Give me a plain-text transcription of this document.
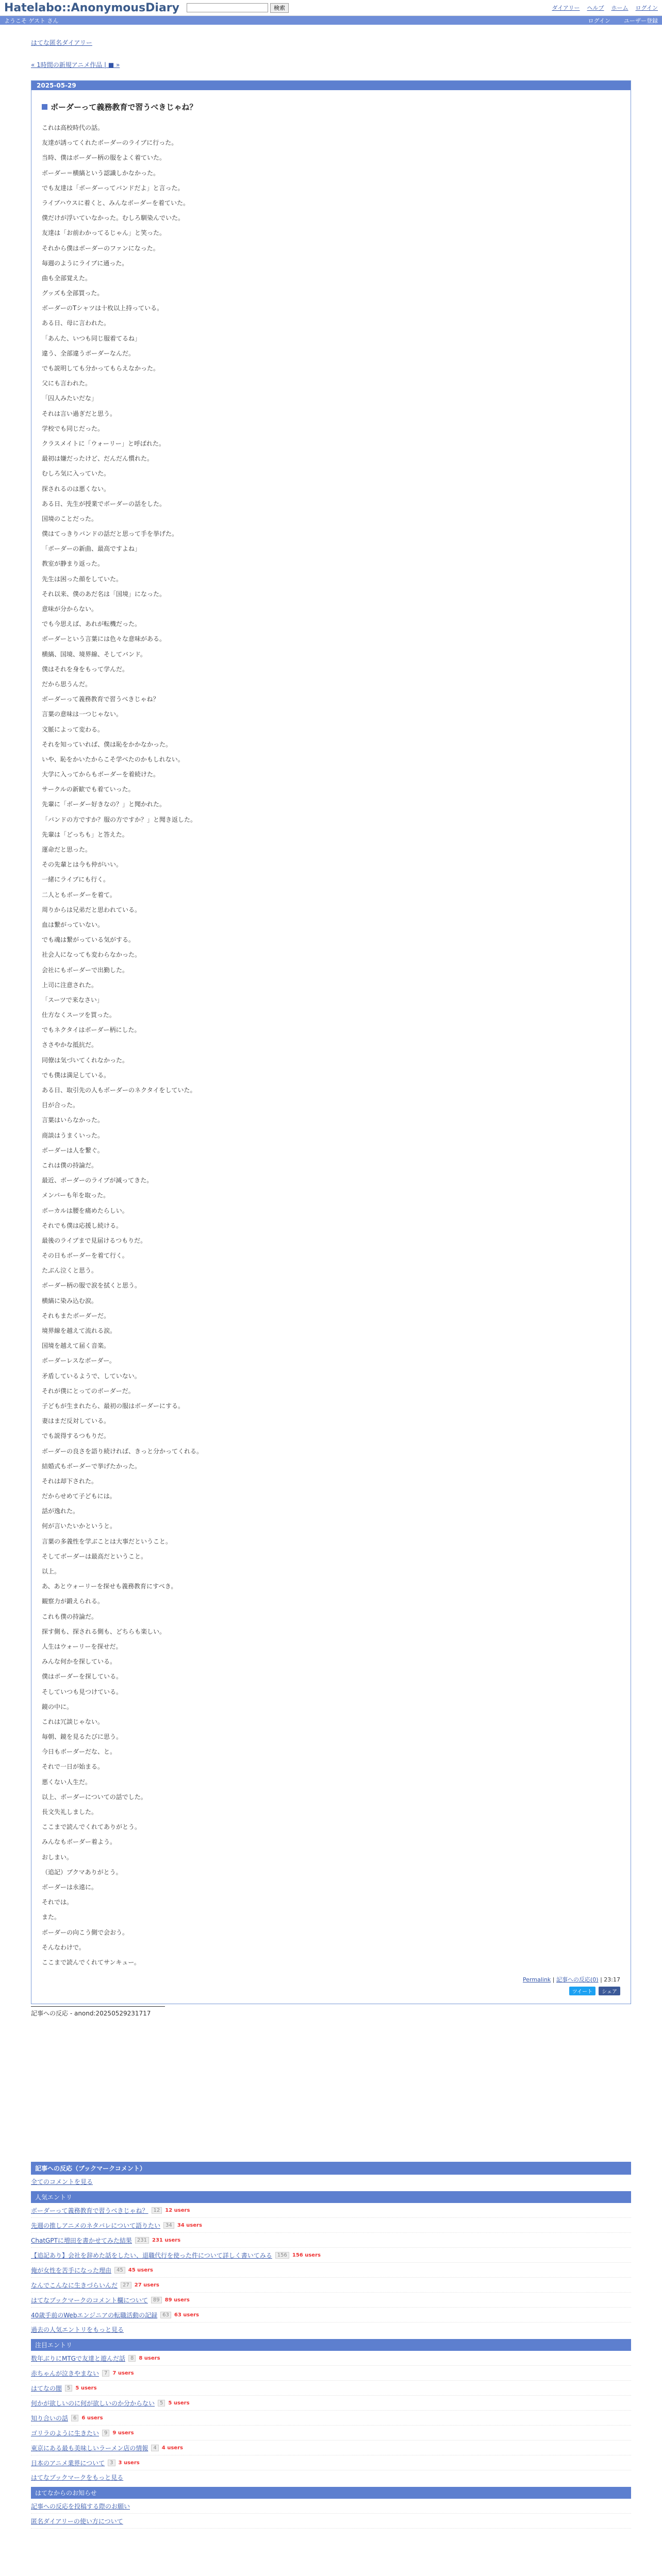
Hatelabo::AnonymousDiary	検索	ダイアリー ヘルプ ホーム ログイン
ようこそ ゲスト さん	ログイン ユーザー登録
はてな匿名ダイアリー
« 1時間の新規アニメ作品 | ■ »
2025-05-29
ボーダーって義務教育で習うべきじゃね？
これは高校時代の話。
友達が誘ってくれたボーダーのライブに行った。
当時、僕はボーダー柄の服をよく着ていた。
ボーダー＝横縞という認識しかなかった。
でも友達は「ボーダーってバンドだよ」と言った。
ライブハウスに着くと、みんなボーダーを着ていた。
僕だけが浮いていなかった。むしろ馴染んでいた。
友達は「お前わかってるじゃん」と笑った。
それから僕はボーダーのファンになった。
毎週のようにライブに通った。
曲も全部覚えた。
グッズも全部買った。
ボーダーのTシャツは十枚以上持っている。
ある日、母に言われた。
「あんた、いつも同じ服着てるね」
違う、全部違うボーダーなんだ。
でも説明しても分かってもらえなかった。
父にも言われた。
「囚人みたいだな」
それは言い過ぎだと思う。
学校でも同じだった。
クラスメイトに「ウォーリー」と呼ばれた。
最初は嫌だったけど、だんだん慣れた。
むしろ気に入っていた。
探されるのは悪くない。
ある日、先生が授業でボーダーの話をした。
国境のことだった。
僕はてっきりバンドの話だと思って手を挙げた。
「ボーダーの新曲、最高ですよね」
教室が静まり返った。
先生は困った顔をしていた。
それ以来、僕のあだ名は「国境」になった。
意味が分からない。
でも今思えば、あれが転機だった。
ボーダーという言葉には色々な意味がある。
横縞、国境、境界線、そしてバンド。
僕はそれを身をもって学んだ。
だから思うんだ。
ボーダーって義務教育で習うべきじゃね？
言葉の意味は一つじゃない。
文脈によって変わる。
それを知っていれば、僕は恥をかかなかった。
いや、恥をかいたからこそ学べたのかもしれない。
大学に入ってからもボーダーを着続けた。
サークルの新歓でも着ていった。
先輩に「ボーダー好きなの？」と聞かれた。
「バンドの方ですか？服の方ですか？」と聞き返した。
先輩は「どっちも」と答えた。
運命だと思った。
その先輩とは今も仲がいい。
一緒にライブにも行く。
二人ともボーダーを着て。
周りからは兄弟だと思われている。
血は繋がっていない。
でも魂は繋がっている気がする。
社会人になっても変わらなかった。
会社にもボーダーで出勤した。
上司に注意された。
「スーツで来なさい」
仕方なくスーツを買った。
でもネクタイはボーダー柄にした。
ささやかな抵抗だ。
同僚は気づいてくれなかった。
でも僕は満足している。
ある日、取引先の人もボーダーのネクタイをしていた。
目が合った。
言葉はいらなかった。
商談はうまくいった。
ボーダーは人を繋ぐ。
これは僕の持論だ。
最近、ボーダーのライブが減ってきた。
メンバーも年を取った。
ボーカルは腰を痛めたらしい。
それでも僕は応援し続ける。
最後のライブまで見届けるつもりだ。
その日もボーダーを着て行く。
たぶん泣くと思う。
ボーダー柄の服で涙を拭くと思う。
横縞に染み込む涙。
それもまたボーダーだ。
境界線を越えて流れる涙。
国境を越えて届く音楽。
ボーダーレスなボーダー。
矛盾しているようで、していない。
それが僕にとってのボーダーだ。
子どもが生まれたら、最初の服はボーダーにする。
妻はまだ反対している。
でも説得するつもりだ。
ボーダーの良さを語り続ければ、きっと分かってくれる。
結婚式もボーダーで挙げたかった。
それは却下された。
だからせめて子どもには。
話が逸れた。
何が言いたいかというと。
言葉の多義性を学ぶことは大事だということ。
そしてボーダーは最高だということ。
以上。
あ、あとウォーリーを探せも義務教育にすべき。
観察力が鍛えられる。
これも僕の持論だ。
探す側も、探される側も、どちらも楽しい。
人生はウォーリーを探せだ。
みんな何かを探している。
僕はボーダーを探している。
そしていつも見つけている。
鏡の中に。
これは冗談じゃない。
毎朝、鏡を見るたびに思う。
今日もボーダーだな、と。
それで一日が始まる。
悪くない人生だ。
以上、ボーダーについての話でした。
長文失礼しました。
ここまで読んでくれてありがとう。
みんなもボーダー着よう。
おしまい。
（追記）ブクマありがとう。
ボーダーは永遠に。
それでは。
また。
ボーダーの向こう側で会おう。
そんなわけで。
ここまで読んでくれてサンキュー。
Permalink | 記事への反応(0) | 23:17
ツイート	シェア
記事への反応 - anond:20250529231717
記事への反応（ブックマークコメント）
全てのコメントを見る
人気エントリ
ボーダーって義務教育で習うべきじゃね？	12	12 users
先週の推しアニメのネタバレについて語りたい	34	34 users
ChatGPTに増田を書かせてみた結果	231	231 users
【追記あり】会社を辞めた話をしたい、退職代行を使った件について詳しく書いてみる	156	156 users
俺が女性を苦手になった理由	45	45 users
なんでこんなに生きづらいんだ	27	27 users
はてなブックマークのコメント欄について	89	89 users
40歳手前のWebエンジニアの転職活動の記録	63	63 users
過去の人気エントリをもっと見る
注目エントリ
数年ぶりにMTGで友達と遊んだ話	8	8 users
赤ちゃんが泣きやまない	7	7 users
はてなの闇	5	5 users
何かが欲しいのに何が欲しいのか分からない	5	5 users
知り合いの話	6	6 users
ゴリラのように生きたい	9	9 users
東京にある最も美味しいラーメン店の情報	4	4 users
日本のアニメ業界について	3	3 users
はてなブックマークをもっと見る
はてなからのお知らせ
記事への反応を投稿する際のお願い
匿名ダイアリーの使い方について
